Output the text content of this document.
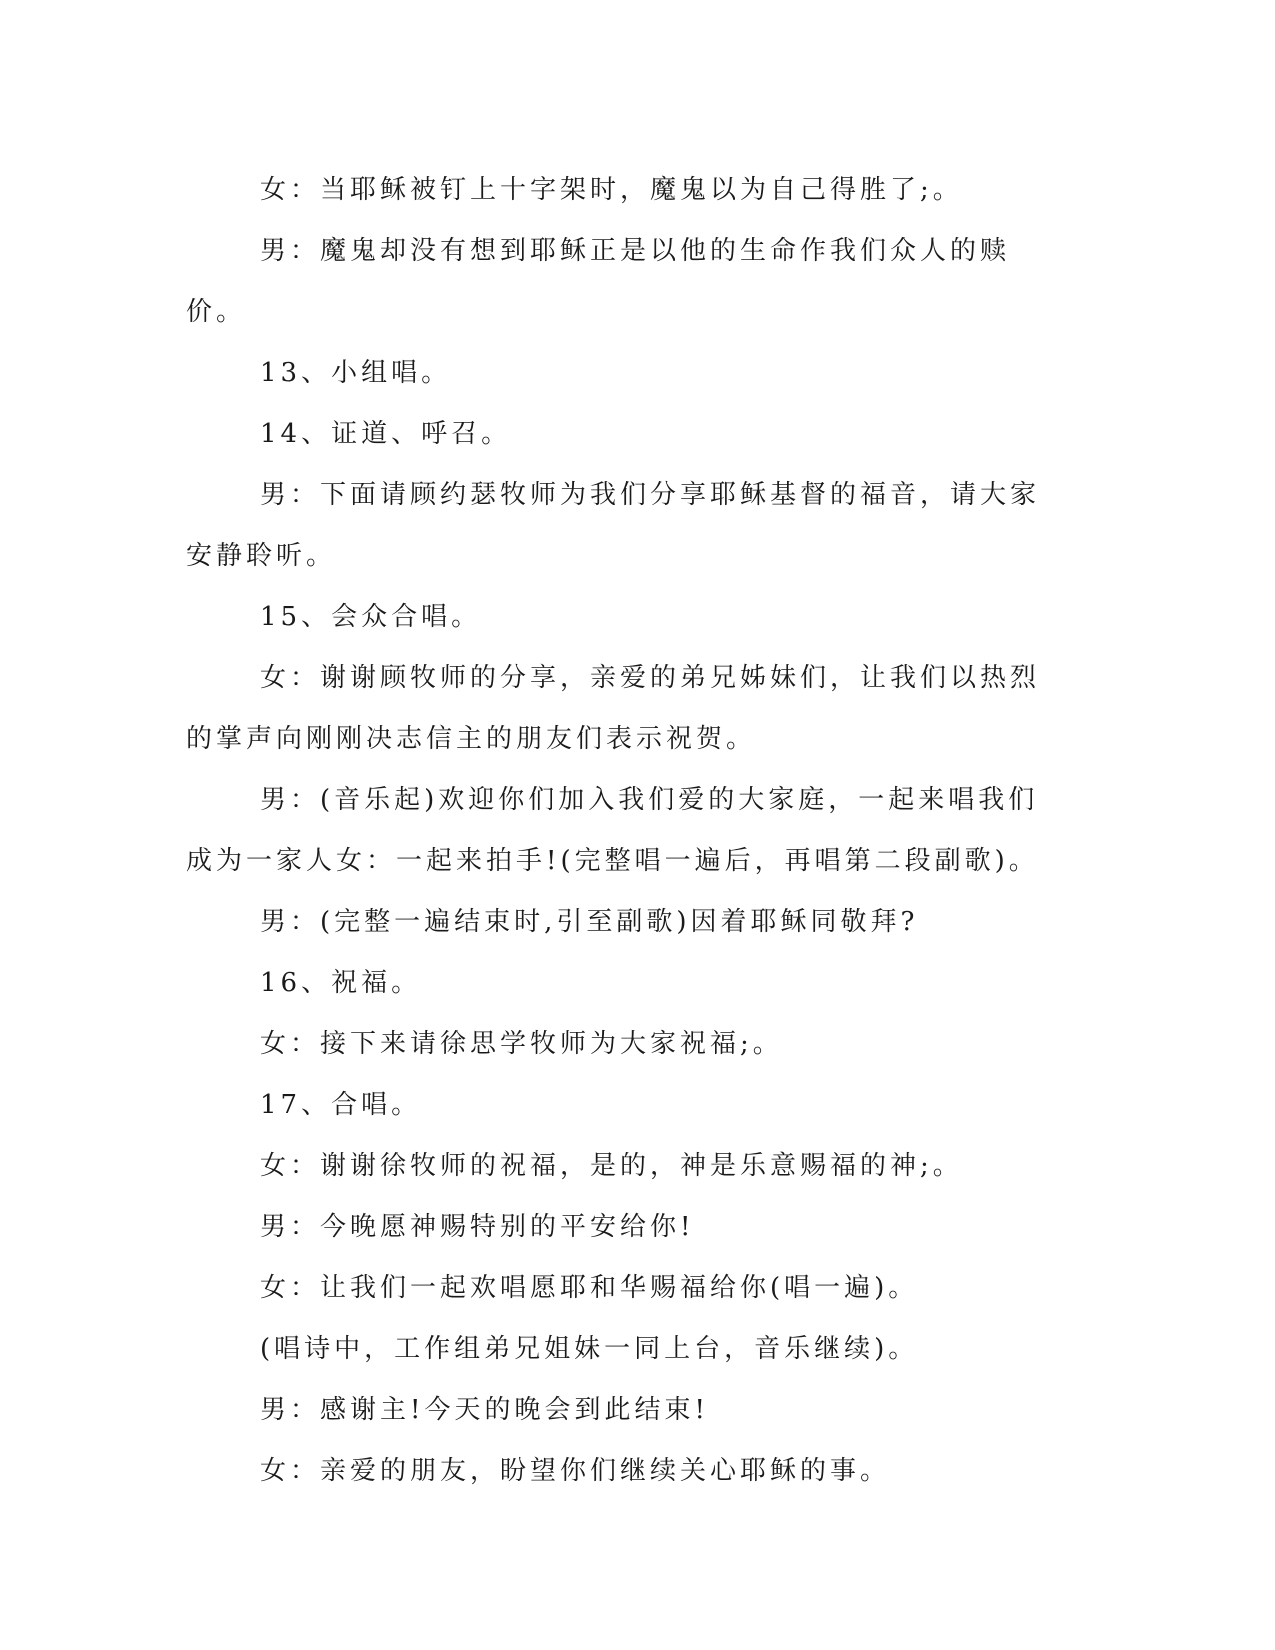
女：当耶稣被钉上十字架时，魔鬼以为自己得胜了;。

男：魔鬼却没有想到耶稣正是以他的生命作我们众人的赎价。

13、小组唱。

14、证道、呼召。

男：下面请顾约瑟牧师为我们分享耶稣基督的福音，请大家安静聆听。

15、会众合唱。

女：谢谢顾牧师的分享，亲爱的弟兄姊妹们，让我们以热烈的掌声向刚刚决志信主的朋友们表示祝贺。

男：(音乐起)欢迎你们加入我们爱的大家庭，一起来唱我们成为一家人女：一起来拍手!(完整唱一遍后，再唱第二段副歌)。

男：(完整一遍结束时,引至副歌)因着耶稣同敬拜?

16、祝福。

女：接下来请徐思学牧师为大家祝福;。

17、合唱。

女：谢谢徐牧师的祝福，是的，神是乐意赐福的神;。

男：今晚愿神赐特别的平安给你!

女：让我们一起欢唱愿耶和华赐福给你(唱一遍)。

(唱诗中，工作组弟兄姐妹一同上台，音乐继续)。

男：感谢主!今天的晚会到此结束!

女：亲爱的朋友，盼望你们继续关心耶稣的事。
